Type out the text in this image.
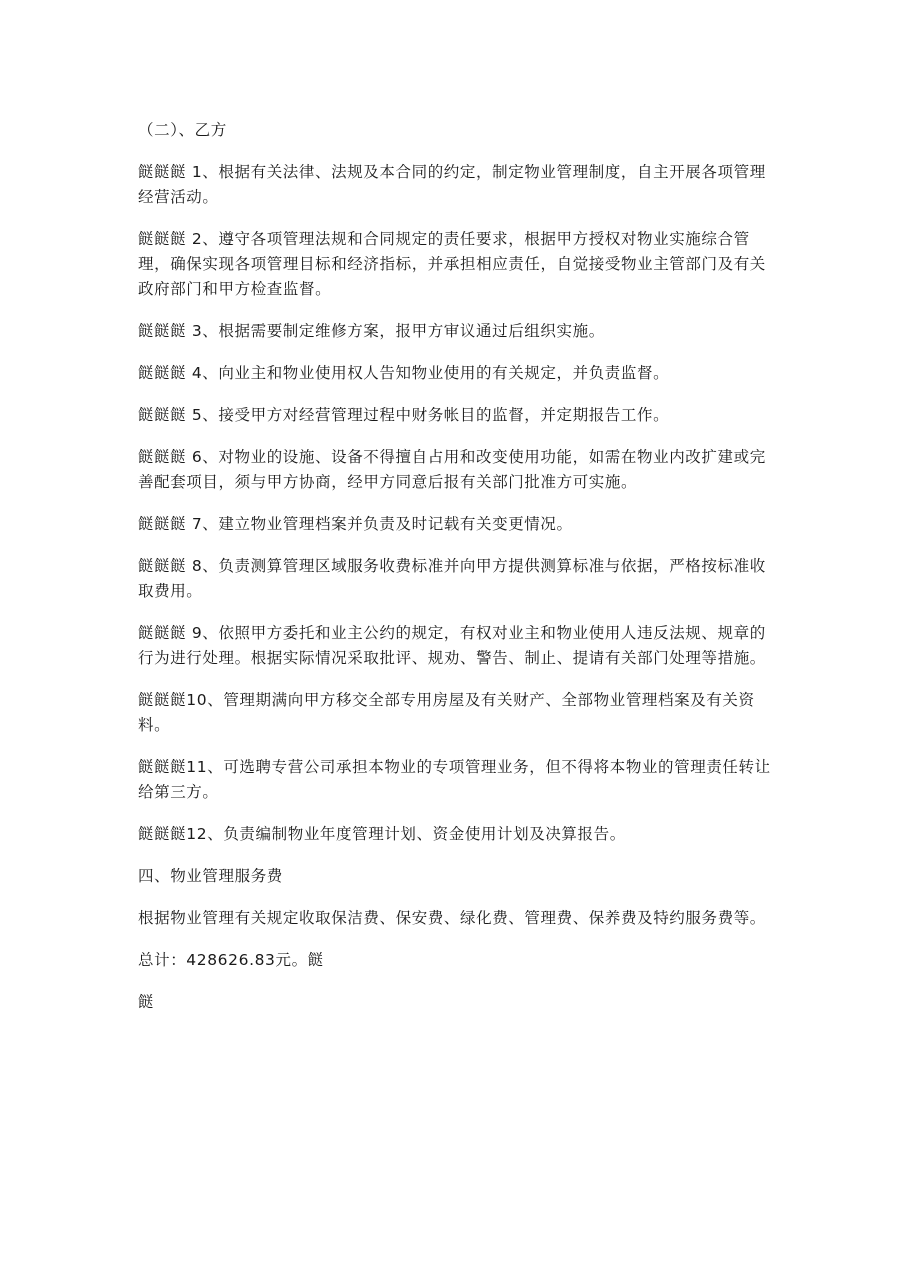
（二）、乙方

餸餸餸 1、根据有关法律、法规及本合同的约定，制定物业管理制度，自主开展各项管理经营活动。

餸餸餸 2、遵守各项管理法规和合同规定的责任要求，根据甲方授权对物业实施综合管理，确保实现各项管理目标和经济指标，并承担相应责任，自觉接受物业主管部门及有关政府部门和甲方检查监督。

餸餸餸 3、根据需要制定维修方案，报甲方审议通过后组织实施。

餸餸餸 4、向业主和物业使用权人告知物业使用的有关规定，并负责监督。

餸餸餸 5、接受甲方对经营管理过程中财务帐目的监督，并定期报告工作。

餸餸餸 6、对物业的设施、设备不得擅自占用和改变使用功能，如需在物业内改扩建或完善配套项目，须与甲方协商，经甲方同意后报有关部门批准方可实施。

餸餸餸 7、建立物业管理档案并负责及时记载有关变更情况。

餸餸餸 8、负责测算管理区域服务收费标准并向甲方提供测算标准与依据，严格按标准收取费用。

餸餸餸 9、依照甲方委托和业主公约的规定，有权对业主和物业使用人违反法规、规章的行为进行处理。根据实际情况采取批评、规劝、警告、制止、提请有关部门处理等措施。

餸餸餸10、管理期满向甲方移交全部专用房屋及有关财产、全部物业管理档案及有关资料。

餸餸餸11、可选聘专营公司承担本物业的专项管理业务，但不得将本物业的管理责任转让给第三方。

餸餸餸12、负责编制物业年度管理计划、资金使用计划及决算报告。

四、物业管理服务费

根据物业管理有关规定收取保洁费、保安费、绿化费、管理费、保养费及特约服务费等。

总计：428626.83元。餸

餸
